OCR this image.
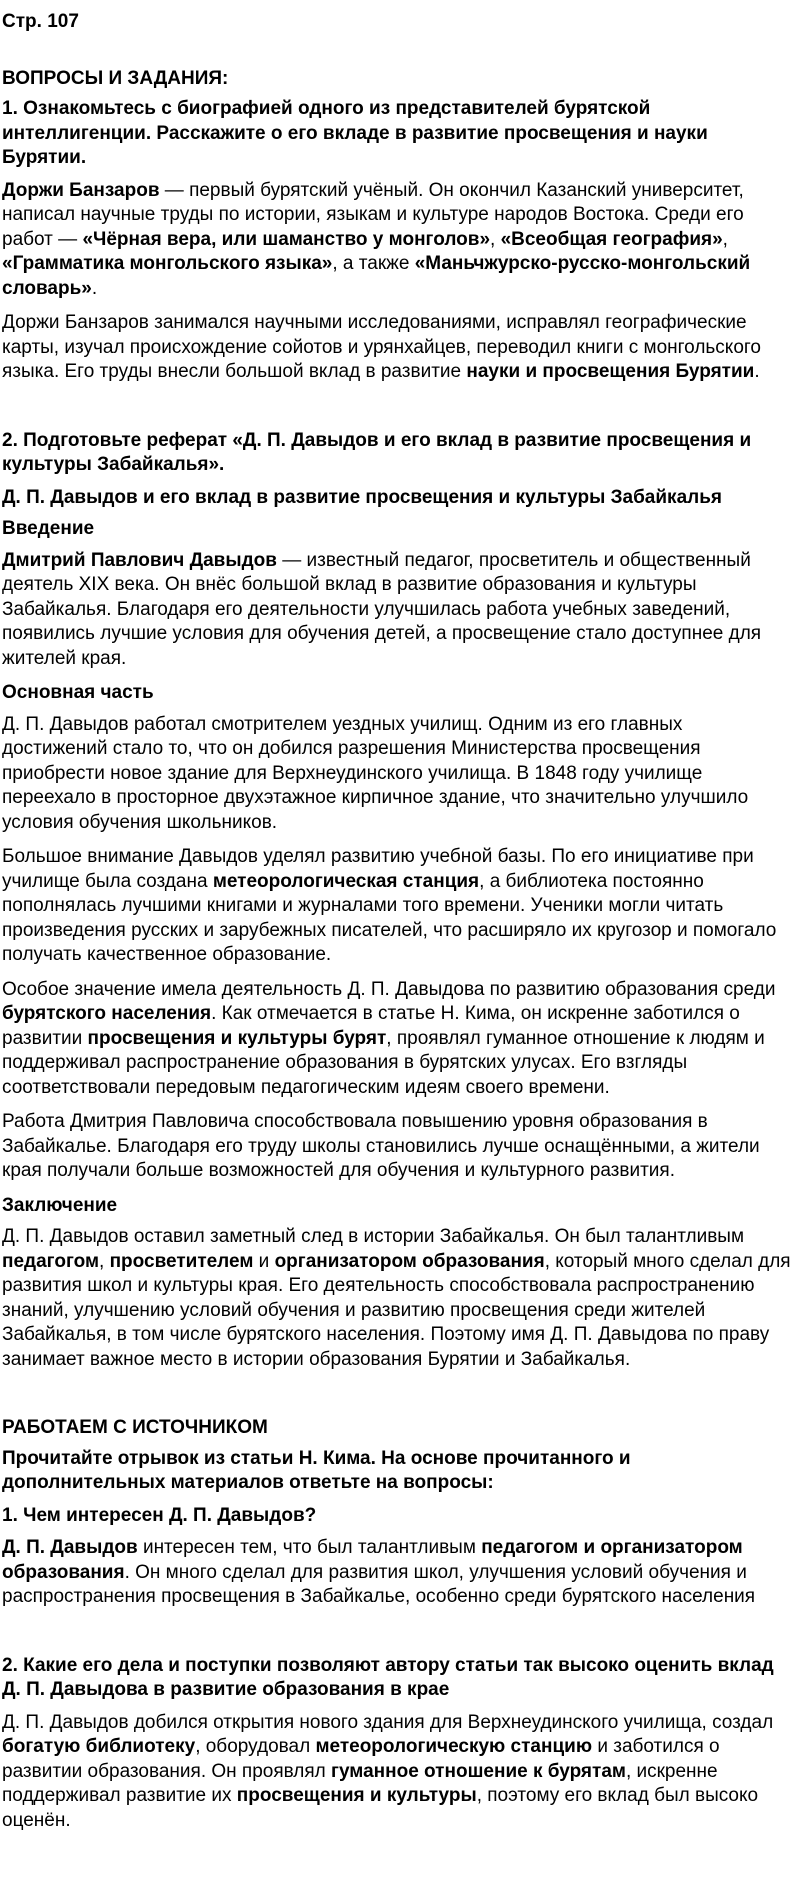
Стр. 107
ВОПРОСЫ И ЗАДАНИЯ:
1. Ознакомьтесь с биографией одного из представителей бурятской интеллигенции. Расскажите о его вкладе в развитие просвещения и науки Бурятии.

Доржи Банзаров — первый бурятский учёный. Он окончил Казанский университет, написал научные труды по истории, языкам и культуре народов Востока. Среди его работ — «Чёрная вера, или шаманство у монголов», «Всеобщая география», «Грамматика монгольского языка», а также «Маньчжурско-русско-монгольский словарь».

Доржи Банзаров занимался научными исследованиями, исправлял географические карты, изучал происхождение сойотов и урянхайцев, переводил книги с монгольского языка. Его труды внесли большой вклад в развитие науки и просвещения Бурятии.

2. Подготовьте реферат «Д. П. Давыдов и его вклад в развитие просвещения и культуры Забайкалья».
Д. П. Давыдов и его вклад в развитие просвещения и культуры Забайкалья
Введение

Дмитрий Павлович Давыдов — известный педагог, просветитель и общественный деятель XIX века. Он внёс большой вклад в развитие образования и культуры Забайкалья. Благодаря его деятельности улучшилась работа учебных заведений, появились лучшие условия для обучения детей, а просвещение стало доступнее для жителей края.

Основная часть

Д. П. Давыдов работал смотрителем уездных училищ. Одним из его главных достижений стало то, что он добился разрешения Министерства просвещения приобрести новое здание для Верхнеудинского училища. В 1848 году училище переехало в просторное двухэтажное кирпичное здание, что значительно улучшило условия обучения школьников.

Большое внимание Давыдов уделял развитию учебной базы. По его инициативе при училище была создана метеорологическая станция, а библиотека постоянно пополнялась лучшими книгами и журналами того времени. Ученики могли читать произведения русских и зарубежных писателей, что расширяло их кругозор и помогало получать качественное образование.

Особое значение имела деятельность Д. П. Давыдова по развитию образования среди бурятского населения. Как отмечается в статье Н. Кима, он искренне заботился о развитии просвещения и культуры бурят, проявлял гуманное отношение к людям и поддерживал распространение образования в бурятских улусах. Его взгляды соответствовали передовым педагогическим идеям своего времени.

Работа Дмитрия Павловича способствовала повышению уровня образования в Забайкалье. Благодаря его труду школы становились лучше оснащёнными, а жители края получали больше возможностей для обучения и культурного развития.

Заключение

Д. П. Давыдов оставил заметный след в истории Забайкалья. Он был талантливым педагогом, просветителем и организатором образования, который много сделал для развития школ и культуры края. Его деятельность способствовала распространению знаний, улучшению условий обучения и развитию просвещения среди жителей Забайкалья, в том числе бурятского населения. Поэтому имя Д. П. Давыдова по праву занимает важное место в истории образования Бурятии и Забайкалья.

РАБОТАЕМ С ИСТОЧНИКОМ
Прочитайте отрывок из статьи Н. Кима. На основе прочитанного и дополнительных материалов ответьте на вопросы:
1. Чем интересен Д. П. Давыдов?

Д. П. Давыдов интересен тем, что был талантливым педагогом и организатором образования. Он много сделал для развития школ, улучшения условий обучения и распространения просвещения в Забайкалье, особенно среди бурятского населения

2. Какие его дела и поступки позволяют автору статьи так высоко оценить вклад Д. П. Давыдова в развитие образования в крае

Д. П. Давыдов добился открытия нового здания для Верхнеудинского училища, создал богатую библиотеку, оборудовал метеорологическую станцию и заботился о развитии образования. Он проявлял гуманное отношение к бурятам, искренне поддерживал развитие их просвещения и культуры, поэтому его вклад был высоко оценён.
